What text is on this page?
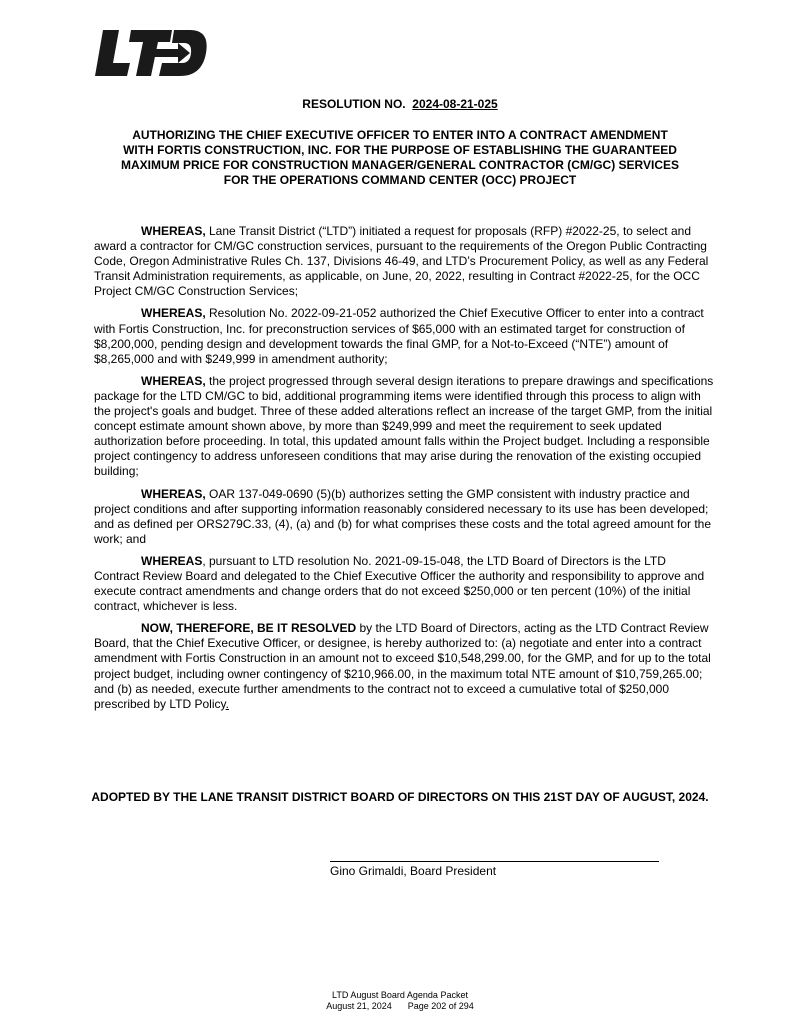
RESOLUTION NO. 2024-08-21-025
AUTHORIZING THE CHIEF EXECUTIVE OFFICER TO ENTER INTO A CONTRACT AMENDMENT
WITH FORTIS CONSTRUCTION, INC. FOR THE PURPOSE OF ESTABLISHING THE GUARANTEED
MAXIMUM PRICE FOR CONSTRUCTION MANAGER/GENERAL CONTRACTOR (CM/GC) SERVICES
FOR THE OPERATIONS COMMAND CENTER (OCC) PROJECT

WHEREAS, Lane Transit District (“LTD”) initiated a request for proposals (RFP) #2022-25, to select and award a contractor for CM/GC construction services, pursuant to the requirements of the Oregon Public Contracting Code, Oregon Administrative Rules Ch. 137, Divisions 46-49, and LTD’s Procurement Policy, as well as any Federal Transit Administration requirements, as applicable, on June, 20, 2022, resulting in Contract #2022-25, for the OCC Project CM/GC Construction Services;

WHEREAS, Resolution No. 2022-09-21-052 authorized the Chief Executive Officer to enter into a contract with Fortis Construction, Inc. for preconstruction services of $65,000 with an estimated target for construction of $8,200,000, pending design and development towards the final GMP, for a Not-to-Exceed (“NTE”) amount of $8,265,000 and with $249,999 in amendment authority;

WHEREAS, the project progressed through several design iterations to prepare drawings and specifications package for the LTD CM/GC to bid, additional programming items were identified through this process to align with the project's goals and budget. Three of these added alterations reflect an increase of the target GMP, from the initial concept estimate amount shown above, by more than $249,999 and meet the requirement to seek updated authorization before proceeding. In total, this updated amount falls within the Project budget. Including a responsible project contingency to address unforeseen conditions that may arise during the renovation of the existing occupied building;

WHEREAS, OAR 137-049-0690 (5)(b) authorizes setting the GMP consistent with industry practice and project conditions and after supporting information reasonably considered necessary to its use has been developed; and as defined per ORS279C.33, (4), (a) and (b) for what comprises these costs and the total agreed amount for the work; and

WHEREAS, pursuant to LTD resolution No. 2021-09-15-048, the LTD Board of Directors is the LTD Contract Review Board and delegated to the Chief Executive Officer the authority and responsibility to approve and execute contract amendments and change orders that do not exceed $250,000 or ten percent (10%) of the initial contract, whichever is less.

NOW, THEREFORE, BE IT RESOLVED by the LTD Board of Directors, acting as the LTD Contract Review Board, that the Chief Executive Officer, or designee, is hereby authorized to: (a) negotiate and enter into a contract amendment with Fortis Construction in an amount not to exceed $10,548,299.00, for the GMP, and for up to the total project budget, including owner contingency of $210,966.00, in the maximum total NTE amount of $10,759,265.00; and (b) as needed, execute further amendments to the contract not to exceed a cumulative total of $250,000 prescribed by LTD Policy.

ADOPTED BY THE LANE TRANSIT DISTRICT BOARD OF DIRECTORS ON THIS 21ST DAY OF AUGUST, 2024.
Gino Grimaldi, Board President
LTD August Board Agenda Packet
August 21, 2024 Page 202 of 294
